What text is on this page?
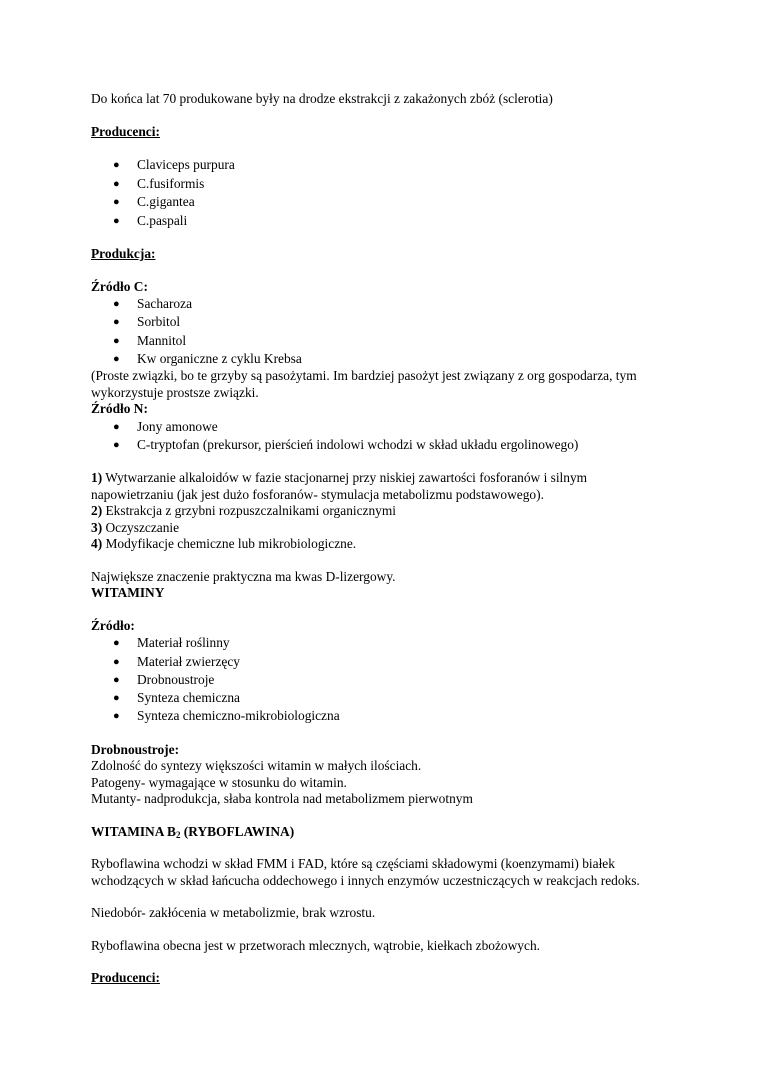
Do końca lat 70 produkowane były na drodze ekstrakcji z zakażonych zbóż (sclerotia)

Producenci:

● Claviceps purpura
● C.fusiformis
● C.gigantea
● C.paspali

Produkcja:

Źródło C:

● Sacharoza
● Sorbitol
● Mannitol
● Kw organiczne z cyklu Krebsa

(Proste związki, bo te grzyby są pasożytami. Im bardziej pasożyt jest związany z org gospodarza, tym

wykorzystuje prostsze związki.

Źródło N:

● Jony amonowe
● C-tryptofan (prekursor, pierścień indolowi wchodzi w skład układu ergolinowego)

1) Wytwarzanie alkaloidów w fazie stacjonarnej przy niskiej zawartości fosforanów i silnym

napowietrzaniu (jak jest dużo fosforanów- stymulacja metabolizmu podstawowego).

2) Ekstrakcja z grzybni rozpuszczalnikami organicznymi

3) Oczyszczanie

4) Modyfikacje chemiczne lub mikrobiologiczne.

Największe znaczenie praktyczna ma kwas D-lizergowy.

WITAMINY

Źródło:

● Materiał roślinny
● Materiał zwierzęcy
● Drobnoustroje
● Synteza chemiczna
● Synteza chemiczno-mikrobiologiczna

Drobnoustroje:

Zdolność do syntezy większości witamin w małych ilościach.

Patogeny- wymagające w stosunku do witamin.

Mutanty- nadprodukcja, słaba kontrola nad metabolizmem pierwotnym

WITAMINA $B_2$ (RYBOFLAWINA)

Ryboflawina wchodzi w skład FMM i FAD, które są częściami składowymi (koenzymami) białek

wchodzących w skład łańcucha oddechowego i innych enzymów uczestniczących w reakcjach redoks.

Niedobór- zakłócenia w metabolizmie, brak wzrostu.

Ryboflawina obecna jest w przetworach mlecznych, wątrobie, kiełkach zbożowych.

Producenci:
